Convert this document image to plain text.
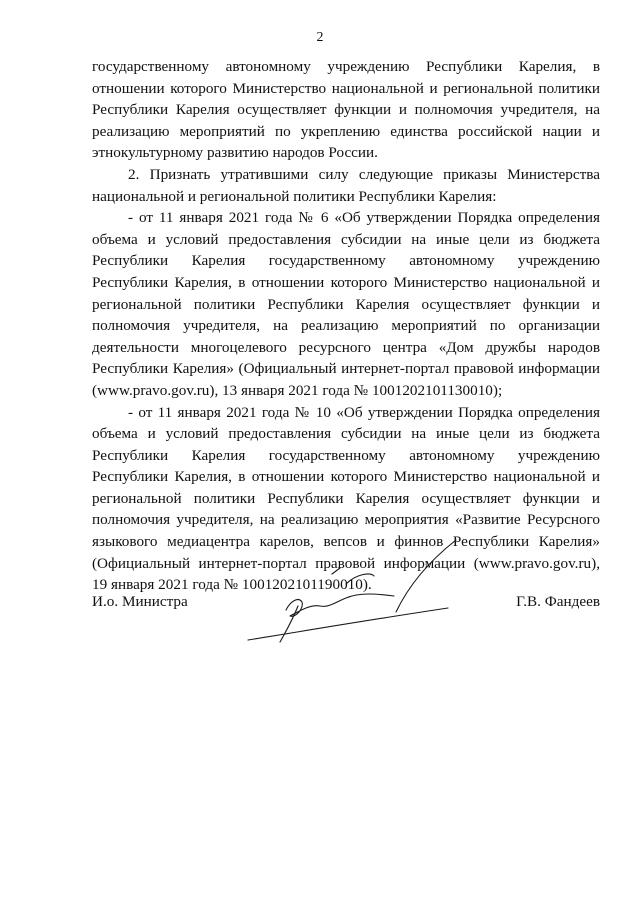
2

государственному автономному учреждению Республики Карелия, в отношении которого Министерство национальной и региональной политики Республики Карелия осуществляет функции и полномочия учредителя, на реализацию мероприятий по укреплению единства российской нации и этнокультурному развитию народов России.

2. Признать утратившими силу следующие приказы Министерства национальной и региональной политики Республики Карелия:

- от 11 января 2021 года № 6 «Об утверждении Порядка определения объема и условий предоставления субсидии на иные цели из бюджета Республики Карелия государственному автономному учреждению Республики Карелия, в отношении которого Министерство национальной и региональной политики Республики Карелия осуществляет функции и полномочия учредителя, на реализацию мероприятий по организации деятельности многоцелевого ресурсного центра «Дом дружбы народов Республики Карелия» (Официальный интернет-портал правовой информации (www.pravo.gov.ru), 13 января 2021 года № 1001202101130010);

- от 11 января 2021 года № 10 «Об утверждении Порядка определения объема и условий предоставления субсидии на иные цели из бюджета Республики Карелия государственному автономному учреждению Республики Карелия, в отношении которого Министерство национальной и региональной политики Республики Карелия осуществляет функции и полномочия учредителя, на реализацию мероприятия «Развитие Ресурсного языкового медиацентра карелов, вепсов и финнов Республики Карелия» (Официальный интернет-портал правовой информации (www.pravo.gov.ru), 19 января 2021 года № 1001202101190010).

И.о. Министра	Г.В. Фандеев
